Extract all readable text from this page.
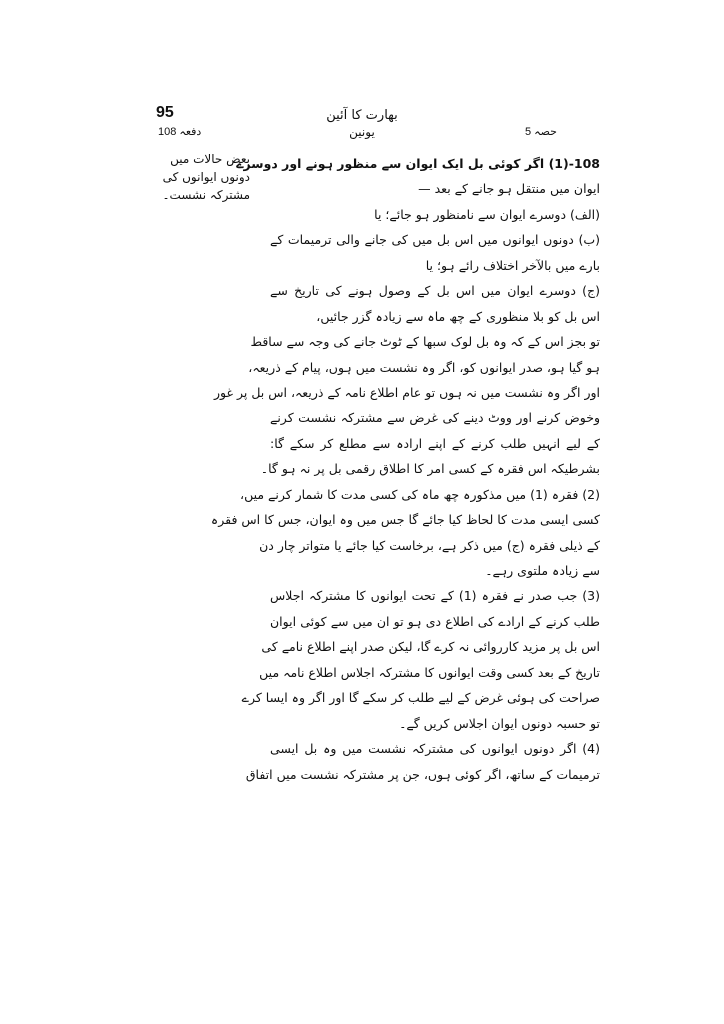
95	بھارت کا آئین
یونین
دفعہ 108	حصہ 5
بعض حالات میں
دونوں ایوانوں کی
مشترکہ نشست۔
108-(1) اگر کوئی بل ایک ایوان سے منظور ہونے اور دوسرے
ایوان میں منتقل ہو جانے کے بعد —
(الف) دوسرے ایوان سے نامنظور ہو جائے؛ یا
(ب) دونوں ایوانوں میں اس بل میں کی جانے والی ترمیمات کے
بارے میں بالآخر اختلاف رائے ہو؛ یا
(ج) دوسرے ایوان میں اس بل کے وصول ہونے کی تاریخ سے
اس بل کو بلا منظوری کے چھ ماہ سے زیادہ گزر جائیں،
تو بجز اس کے کہ وہ بل لوک سبھا کے ٹوٹ جانے کی وجہ سے ساقط
ہو گیا ہو، صدر ایوانوں کو، اگر وہ نشست میں ہوں، پیام کے ذریعہ،
اور اگر وہ نشست میں نہ ہوں تو عام اطلاع نامہ کے ذریعہ، اس بل پر غور
وخوض کرنے اور ووٹ دینے کی غرض سے مشترکہ نشست کرنے
کے لیے انہیں طلب کرنے کے اپنے ارادہ سے مطلع کر سکے گا:
بشرطیکہ اس فقرہ کے کسی امر کا اطلاق رقمی بل پر نہ ہو گا۔
(2) فقرہ (1) میں مذکورہ چھ ماہ کی کسی مدت کا شمار کرنے میں،
کسی ایسی مدت کا لحاظ کیا جائے گا جس میں وہ ایوان، جس کا اس فقرہ
کے ذیلی فقرہ (ج) میں ذکر ہے، برخاست کیا جائے یا متواتر چار دن
سے زیادہ ملتوی رہے۔
(3) جب صدر نے فقرہ (1) کے تحت ایوانوں کا مشترکہ اجلاس
طلب کرنے کے ارادے کی اطلاع دی ہو تو ان میں سے کوئی ایوان
اس بل پر مزید کارروائی نہ کرے گا، لیکن صدر اپنے اطلاع نامے کی
تاریخ کے بعد کسی وقت ایوانوں کا مشترکہ اجلاس اطلاع نامہ میں
صراحت کی ہوئی غرض کے لیے طلب کر سکے گا اور اگر وہ ایسا کرے
تو حسبہ دونوں ایوان اجلاس کریں گے۔
(4) اگر دونوں ایوانوں کی مشترکہ نشست میں وہ بل ایسی
ترمیمات کے ساتھ، اگر کوئی ہوں، جن پر مشترکہ نشست میں اتفاق
